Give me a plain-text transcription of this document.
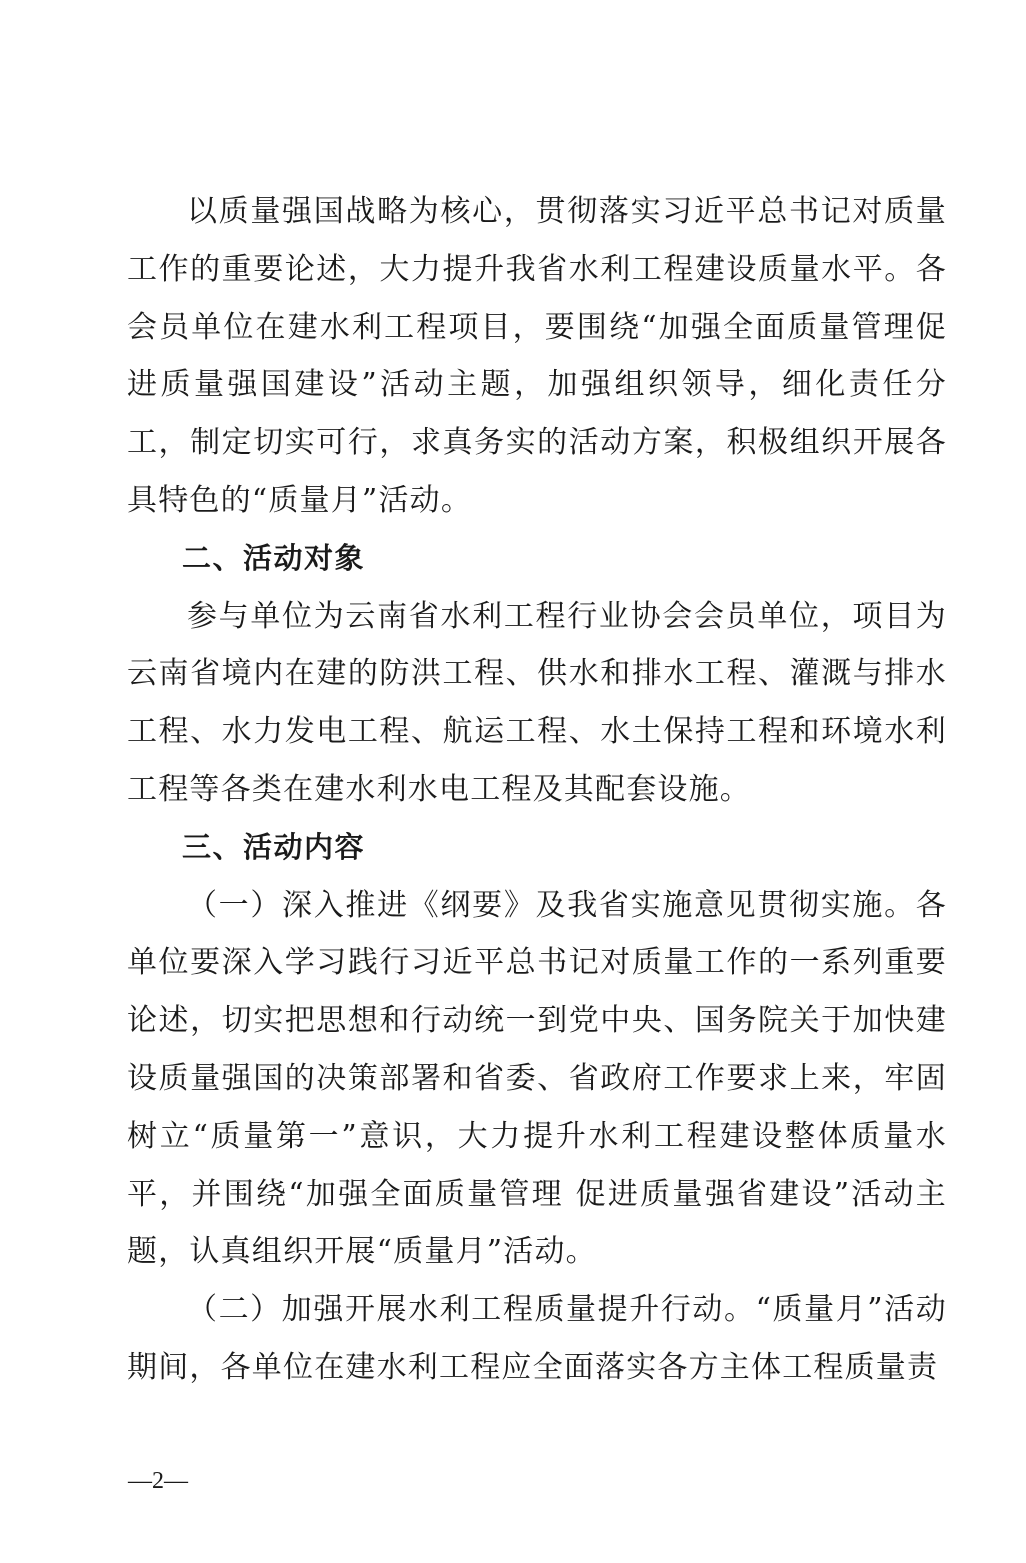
以质量强国战略为核心，贯彻落实习近平总书记对质量工作的重要论述，大力提升我省水利工程建设质量水平。各会员单位在建水利工程项目，要围绕“加强全面质量管理促进质量强国建设”活动主题，加强组织领导，细化责任分工，制定切实可行，求真务实的活动方案，积极组织开展各具特色的“质量月”活动。

二、活动对象

参与单位为云南省水利工程行业协会会员单位，项目为云南省境内在建的防洪工程、供水和排水工程、灌溉与排水工程、水力发电工程、航运工程、水土保持工程和环境水利工程等各类在建水利水电工程及其配套设施。

三、活动内容

（一）深入推进《纲要》及我省实施意见贯彻实施。各单位要深入学习践行习近平总书记对质量工作的一系列重要论述，切实把思想和行动统一到党中央、国务院关于加快建设质量强国的决策部署和省委、省政府工作要求上来，牢固树立“质量第一”意识，大力提升水利工程建设整体质量水平，并围绕“加强全面质量管理 促进质量强省建设”活动主题，认真组织开展“质量月”活动。

（二）加强开展水利工程质量提升行动。“质量月”活动期间，各单位在建水利工程应全面落实各方主体工程质量责

—2—
